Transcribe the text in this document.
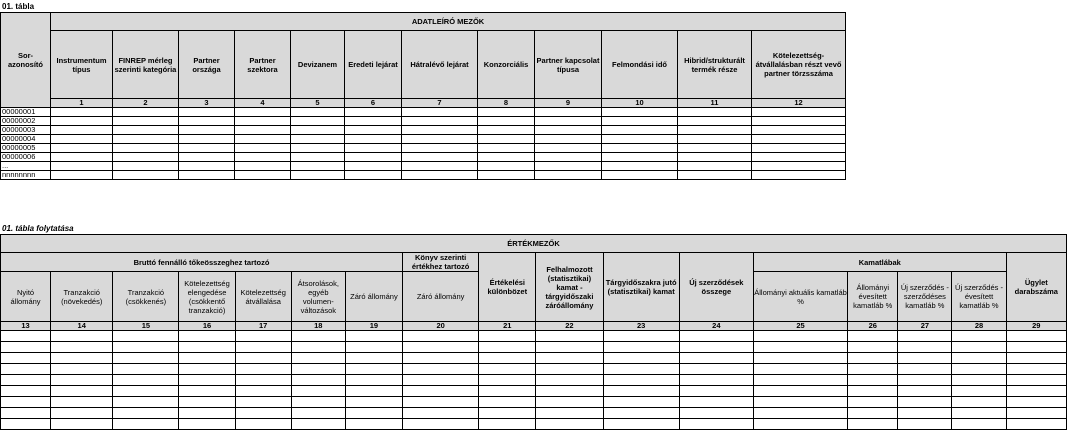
01. tábla
Sor-azonosító	ADATLEÍRÓ MEZŐK											
	Instrumentum típus	FINREP mérleg szerinti kategória	Partner országa	Partner szektora	Devizanem	Eredeti lejárat	Hátralévő lejárat	Konzorciális	Partner kapcsolat típusa	Felmondási idő	Hibrid/strukturált termék része	Kötelezettség-átvállalásban részt vevő partner törzsszáma
	1	2	3	4	5	6	7	8	9	10	11	12
00000001												
00000002												
00000003												
00000004												
00000005												
00000006												
...												
nnnnnnnn												
01. tábla folytatása
ÉRTÉKMEZŐK																
Bruttó fennálló tőkeösszeghez tartozó							Könyv szerinti értékhez tartozó	Értékelési különbözet	Felhalmozott (statisztikai) kamat - tárgyidőszaki záróállomány	Tárgyidőszakra jutó (statisztikai) kamat	Új szerződések összege	Kamatlábak				Ügylet darabszáma
Nyitó állomány	Tranzakció (növekedés)	Tranzakció (csökkenés)	Kötelezettség elengedése (csökkentő tranzakció)	Kötelezettség átvállalása	Átsorolások, egyéb volumen-változások	Záró állomány	Záró állomány					Állományi aktuális kamatláb %	Állományi évesített kamatláb %	Új szerződés - szerződéses kamatláb %	Új szerződés - évesített kamatláb %	
13	14	15	16	17	18	19	20	21	22	23	24	25	26	27	28	29
